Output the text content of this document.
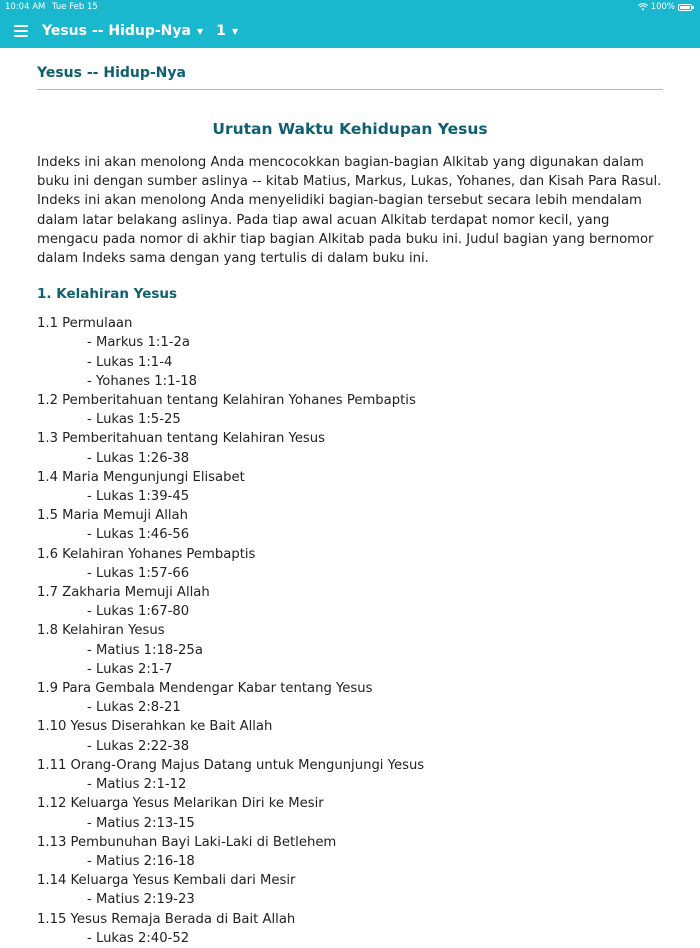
10:04 AM Tue Feb 15	100%
Yesus -- Hidup-Nya ▼ 1 ▼
Yesus -- Hidup-Nya
Urutan Waktu Kehidupan Yesus

Indeks ini akan menolong Anda mencocokkan bagian-bagian Alkitab yang digunakan dalam buku ini dengan sumber aslinya -- kitab Matius, Markus, Lukas, Yohanes, dan Kisah Para Rasul. Indeks ini akan menolong Anda menyelidiki bagian-bagian tersebut secara lebih mendalam dalam latar belakang aslinya. Pada tiap awal acuan Alkitab terdapat nomor kecil, yang mengacu pada nomor di akhir tiap bagian Alkitab pada buku ini. Judul bagian yang bernomor dalam Indeks sama dengan yang tertulis di dalam buku ini.

1. Kelahiran Yesus
1.1 Permulaan
- Markus 1:1-2a
- Lukas 1:1-4
- Yohanes 1:1-18
1.2 Pemberitahuan tentang Kelahiran Yohanes Pembaptis
- Lukas 1:5-25
1.3 Pemberitahuan tentang Kelahiran Yesus
- Lukas 1:26-38
1.4 Maria Mengunjungi Elisabet
- Lukas 1:39-45
1.5 Maria Memuji Allah
- Lukas 1:46-56
1.6 Kelahiran Yohanes Pembaptis
- Lukas 1:57-66
1.7 Zakharia Memuji Allah
- Lukas 1:67-80
1.8 Kelahiran Yesus
- Matius 1:18-25a
- Lukas 2:1-7
1.9 Para Gembala Mendengar Kabar tentang Yesus
- Lukas 2:8-21
1.10 Yesus Diserahkan ke Bait Allah
- Lukas 2:22-38
1.11 Orang-Orang Majus Datang untuk Mengunjungi Yesus
- Matius 2:1-12
1.12 Keluarga Yesus Melarikan Diri ke Mesir
- Matius 2:13-15
1.13 Pembunuhan Bayi Laki-Laki di Betlehem
- Matius 2:16-18
1.14 Keluarga Yesus Kembali dari Mesir
- Matius 2:19-23
1.15 Yesus Remaja Berada di Bait Allah
- Lukas 2:40-52
